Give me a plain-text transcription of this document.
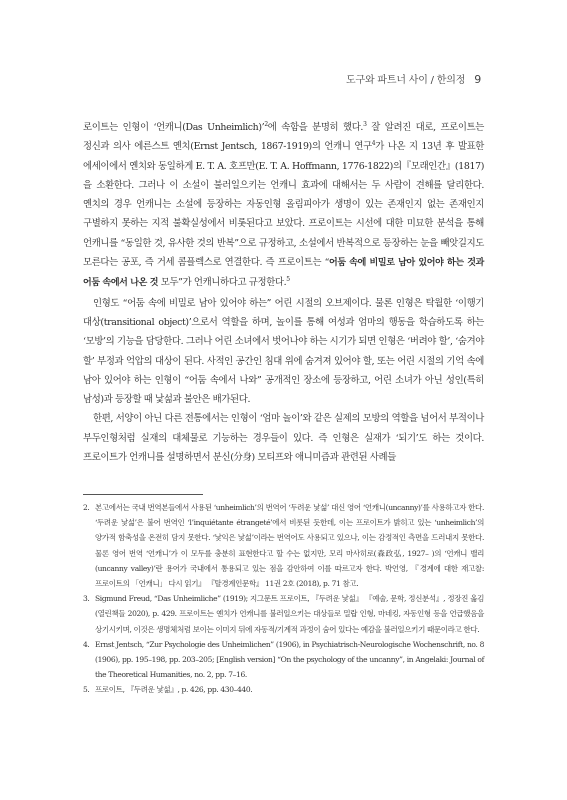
도구와 파트너 사이 / 한의정 9

로이트는 인형이 ‘언캐니(Das Unheimlich)’$^2$에 속함을 분명히 했다.$^3$ 잘 알려진 대로, 프로이트는 정신과 의사 에른스트 옌치(Ernst Jentsch, 1867-1919)의 언캐니 연구$^4$가 나온 지 13년 후 발표한 에세이에서 옌치와 동일하게 E. T. A. 호프만(E. T. A. Hoffmann, 1776-1822)의『모래인간』(1817)을 소환한다. 그러나 이 소설이 불러일으키는 언캐니 효과에 대해서는 두 사람이 견해를 달리한다. 옌치의 경우 언캐니는 소설에 등장하는 자동인형 올림피아가 생명이 있는 존재인지 없는 존재인지 구별하지 못하는 지적 불확실성에서 비롯된다고 보았다. 프로이트는 시선에 대한 미묘한 분석을 통해 언캐니를 “동일한 것, 유사한 것의 반복”으로 규정하고, 소설에서 반복적으로 등장하는 눈을 빼앗길지도 모른다는 공포, 즉 거세 콤플렉스로 연결한다. 즉 프로이트는 “어둠 속에 비밀로 남아 있어야 하는 것과 어둠 속에서 나온 것 모두”가 언캐니하다고 규정한다.$^5$

인형도 “어둠 속에 비밀로 남아 있어야 하는” 어린 시절의 오브제이다. 물론 인형은 탁월한 ‘이행기 대상(transitional object)’으로서 역할을 하며, 놀이를 통해 여성과 엄마의 행동을 학습하도록 하는 ‘모방’의 기능을 담당한다. 그러나 어린 소녀에서 벗어나야 하는 시기가 되면 인형은 ‘버려야 할’, ‘숨겨야 할’ 부정과 억압의 대상이 된다. 사적인 공간인 침대 위에 숨겨져 있어야 할, 또는 어린 시절의 기억 속에 남아 있어야 하는 인형이 “어둠 속에서 나와” 공개적인 장소에 등장하고, 어린 소녀가 아닌 성인(특히 남성)과 등장할 때 낯섦과 불안은 배가된다.

한편, 서양이 아닌 다른 전통에서는 인형이 ‘엄마 놀이’와 같은 실제의 모방의 역할을 넘어서 부적이나 부두인형처럼 실재의 대체물로 기능하는 경우들이 있다. 즉 인형은 실재가 ‘되기’도 하는 것이다. 프로이트가 언캐니를 설명하면서 분신(分身) 모티프와 애니미즘과 관련된 사례들

2. 본고에서는 국내 번역본들에서 사용된 ‘unheimlich’의 번역어 ‘두려운 낯섦’ 대신 영어 ‘언캐니(uncanny)’를 사용하고자 한다. ‘두려운 낯섦’은 불어 번역인 ‘l’inquiétante étrangeté’에서 비롯된 듯한데, 이는 프로이트가 밝히고 있는 ‘unheimlich’의 양가적 함축성을 온전히 담지 못한다. ‘낯익은 낯섦’이라는 번역어도 사용되고 있으나, 이는 감정적인 측면을 드러내지 못한다. 물론 영어 번역 ‘언캐니’가 이 모두를 충분히 표현한다고 할 수는 없지만, 모리 마사히로(森政弘, 1927– )의 ‘언캐니 밸리(uncanny valley)’란 용어가 국내에서 통용되고 있는 점을 감안하여 이를 따르고자 한다. 박언영, 『경계에 대한 재고찰: 프로이트의 「언캐니」 다시 읽기』 『탈경계인문학』 11권 2호 (2018), p. 71 참고.
3. Sigmund Freud, “Das Unheimliche” (1919); 지그문트 프로이트, 『두려운 낯섦』 『예술, 문학, 정신분석』, 정장진 옮김 (열린책들 2020), p. 429. 프로이트는 옌치가 언캐니를 불러일으키는 대상들로 밀랍 인형, 마네킹, 자동인형 등을 언급했음을 상기시키며, 이것은 생명체처럼 보이는 이미지 뒤에 자동적/기계적 과정이 숨어 있다는 예감을 불러일으키기 때문이라고 한다.
4. Ernst Jentsch, “Zur Psychologie des Unheimlichen” (1906), in Psychiatrisch-Neurologische Wochenschrift, no. 8 (1906), pp. 195–198, pp. 203–205; [English version] “On the psychology of the uncanny”, in Angelaki: Journal of the Theoretical Humanities, no. 2, pp. 7–16.
5. 프로이트, 『두려운 낯섦』, p. 426, pp. 430–440.
